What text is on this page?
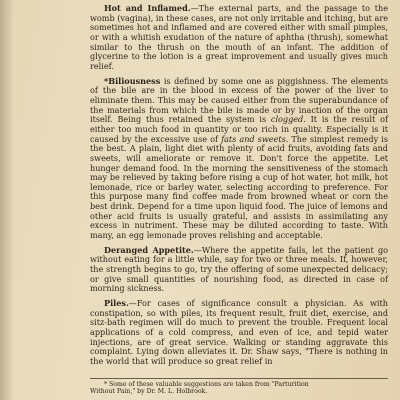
Hot and Inflamed.—The external parts, and the passage to the womb (vagina), in these cases, are not only irritable and itching, but are sometimes hot and inflamed and are covered either with small pimples, or with a whitish exudation of the nature of aphtha (thrush), somewhat similar to the thrush on the mouth of an infant. The addition of glycerine to the lotion is a great improvement and usually gives much relief.

*Biliousness is defined by some one as piggishness. The elements of the bile are in the blood in excess of the power of the liver to eliminate them. This may be caused either from the superabundance of the materials from which the bile is made or by inaction of the organ itself. Being thus retained the system is clogged. It is the result of either too much food in quantity or too rich in quality. Especially is it caused by the excessive use of fats and sweets. The simplest remedy is the best. A plain, light diet with plenty of acid fruits, avoiding fats and sweets, will ameliorate or remove it. Don't force the appetite. Let hunger demand food. In the morning the sensitiveness of the stomach may be relieved by taking before rising a cup of hot water, hot milk, hot lemonade, rice or barley water, selecting according to preference. For this purpose many find coffee made from browned wheat or corn the best drink. Depend for a time upon liquid food. The juice of lemons and other acid fruits is usually grateful, and assists in assimilating any excess in nutriment. These may be diluted according to taste. With many, an egg lemonade proves relishing and acceptable.

Deranged Appetite.—Where the appetite fails, let the patient go without eating for a little while, say for two or three meals. If, however, the strength begins to go, try the offering of some unexpected delicacy; or give small quantities of nourishing food, as directed in case of morning sickness.

Piles.—For cases of significance consult a physician. As with constipation, so with piles, its frequent result, fruit diet, exercise, and sitz-bath regimen will do much to prevent the trouble. Frequent local applications of a cold compress, and even of ice, and tepid water injections, are of great service. Walking or standing aggravate this complaint. Lying down alleviates it. Dr. Shaw says, "There is nothing in the world that will produce so great relief in

* Some of these valuable suggestions are taken from "Parturition
Without Pain," by Dr. M. L. Holbrook.
